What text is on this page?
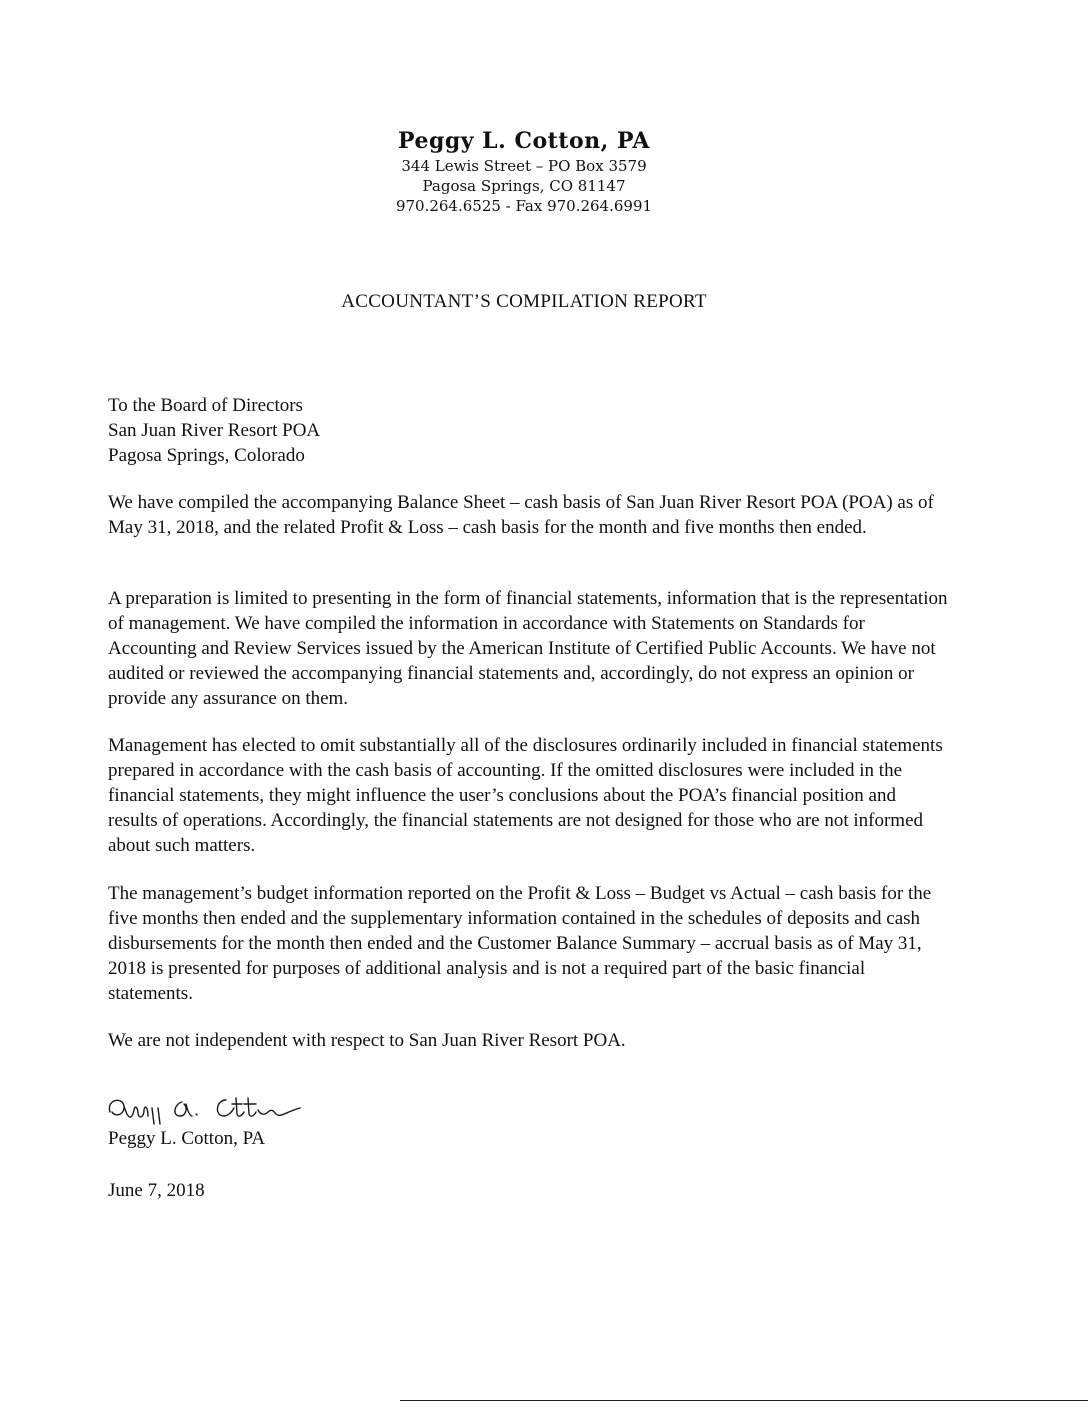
Peggy L. Cotton, PA
344 Lewis Street – PO Box 3579
Pagosa Springs, CO 81147
970.264.6525 - Fax 970.264.6991
ACCOUNTANT’S COMPILATION REPORT
To the Board of Directors
San Juan River Resort POA
Pagosa Springs, Colorado

We have compiled the accompanying Balance Sheet – cash basis of San Juan River Resort POA (POA) as of May 31, 2018, and the related Profit & Loss – cash basis for the month and five months then ended.

A preparation is limited to presenting in the form of financial statements, information that is the representation of management. We have compiled the information in accordance with Statements on Standards for Accounting and Review Services issued by the American Institute of Certified Public Accounts. We have not audited or reviewed the accompanying financial statements and, accordingly, do not express an opinion or provide any assurance on them.

Management has elected to omit substantially all of the disclosures ordinarily included in financial statements prepared in accordance with the cash basis of accounting. If the omitted disclosures were included in the financial statements, they might influence the user’s conclusions about the POA’s financial position and results of operations. Accordingly, the financial statements are not designed for those who are not informed about such matters.

The management’s budget information reported on the Profit & Loss – Budget vs Actual – cash basis for the five months then ended and the supplementary information contained in the schedules of deposits and cash disbursements for the month then ended and the Customer Balance Summary – accrual basis as of May 31, 2018 is presented for purposes of additional analysis and is not a required part of the basic financial statements.

We are not independent with respect to San Juan River Resort POA.

Peggy L. Cotton, PA
June 7, 2018
